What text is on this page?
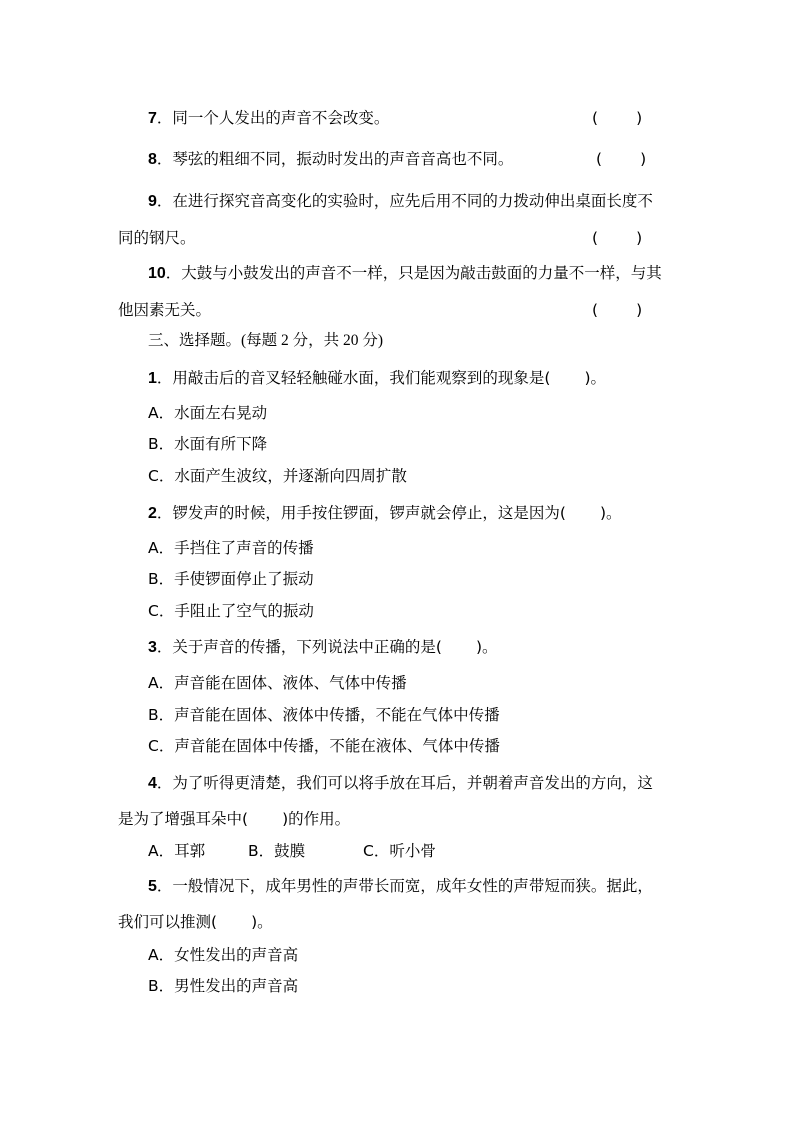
7．同一个人发出的声音不会改变。	( )
8．琴弦的粗细不同，振动时发出的声音音高也不同。	( )
9．在进行探究音高变化的实验时，应先后用不同的力拨动伸出桌面长度不
同的钢尺。	( )
10．大鼓与小鼓发出的声音不一样，只是因为敲击鼓面的力量不一样，与其
他因素无关。	( )
三、选择题。(每题 2 分，共 20 分)
1．用敲击后的音叉轻轻触碰水面，我们能观察到的现象是( )。
A．水面左右晃动
B．水面有所下降
C．水面产生波纹，并逐渐向四周扩散
2．锣发声的时候，用手按住锣面，锣声就会停止，这是因为( )。
A．手挡住了声音的传播
B．手使锣面停止了振动
C．手阻止了空气的振动
3．关于声音的传播，下列说法中正确的是( )。
A．声音能在固体、液体、气体中传播
B．声音能在固体、液体中传播，不能在气体中传播
C．声音能在固体中传播，不能在液体、气体中传播
4．为了听得更清楚，我们可以将手放在耳后，并朝着声音发出的方向，这
是为了增强耳朵中( )的作用。
A．耳郭	B．鼓膜	C．听小骨
5．一般情况下，成年男性的声带长而宽，成年女性的声带短而狭。据此，
我们可以推测( )。
A．女性发出的声音高
B．男性发出的声音高
